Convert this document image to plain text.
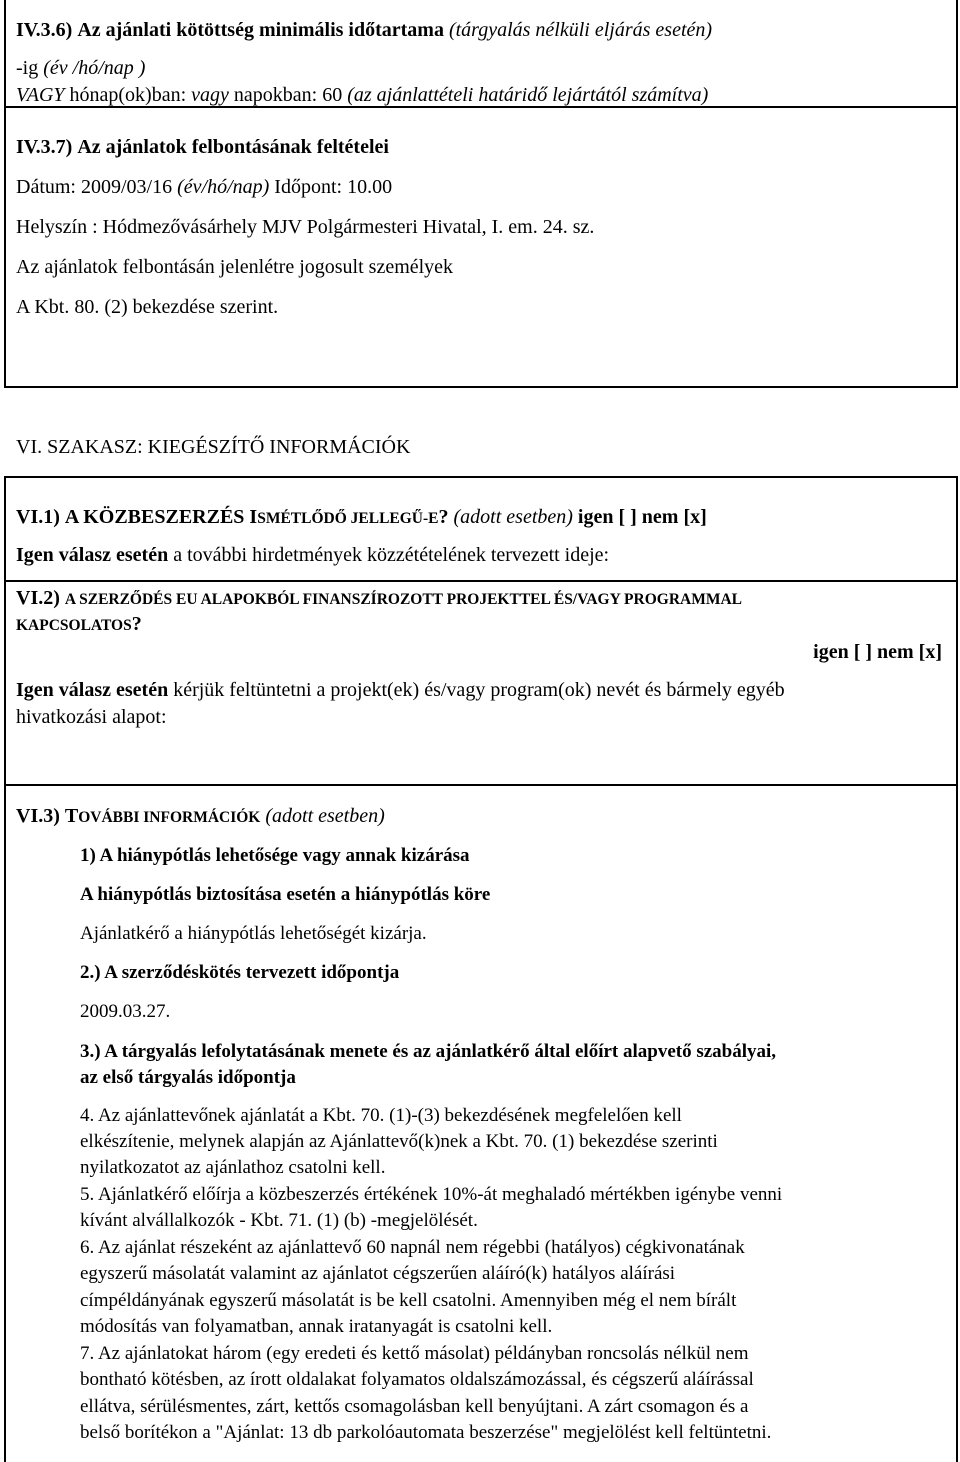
IV.3.6) Az ajánlati kötöttség minimális időtartama (tárgyalás nélküli eljárás esetén)
-ig (év /hó/nap )
VAGY hónap(ok)ban: vagy napokban: 60 (az ajánlattételi határidő lejártától számítva)
IV.3.7) Az ajánlatok felbontásának feltételei
Dátum: 2009/03/16 (év/hó/nap) Időpont: 10.00
Helyszín : Hódmezővásárhely MJV Polgármesteri Hivatal, I. em. 24. sz.
Az ajánlatok felbontásán jelenlétre jogosult személyek
A Kbt. 80. (2) bekezdése szerint.
VI. SZAKASZ: KIEGÉSZÍTŐ INFORMÁCIÓK
VI.1) A KÖZBESZERZÉS ISMÉTLŐDŐ JELLEGŰ-E? (adott esetben) igen [ ] nem [x]
Igen válasz esetén a további hirdetmények közzétételének tervezett ideje:
VI.2) A SZERZŐDÉS EU ALAPOKBÓL FINANSZÍROZOTT PROJEKTTEL ÉS/VAGY PROGRAMMAL
KAPCSOLATOS?
igen [ ] nem [x]
Igen válasz esetén kérjük feltüntetni a projekt(ek) és/vagy program(ok) nevét és bármely egyéb
hivatkozási alapot:
VI.3) TOVÁBBI INFORMÁCIÓK (adott esetben)
1) A hiánypótlás lehetősége vagy annak kizárása
A hiánypótlás biztosítása esetén a hiánypótlás köre
Ajánlatkérő a hiánypótlás lehetőségét kizárja.
2.) A szerződéskötés tervezett időpontja
2009.03.27.
3.) A tárgyalás lefolytatásának menete és az ajánlatkérő által előírt alapvető szabályai,
az első tárgyalás időpontja
4. Az ajánlattevőnek ajánlatát a Kbt. 70. (1)-(3) bekezdésének megfelelően kell
elkészítenie, melynek alapján az Ajánlattevő(k)nek a Kbt. 70. (1) bekezdése szerinti
nyilatkozatot az ajánlathoz csatolni kell.
5. Ajánlatkérő előírja a közbeszerzés értékének 10%-át meghaladó mértékben igénybe venni
kívánt alvállalkozók - Kbt. 71. (1) (b) -megjelölését.
6. Az ajánlat részeként az ajánlattevő 60 napnál nem régebbi (hatályos) cégkivonatának
egyszerű másolatát valamint az ajánlatot cégszerűen aláíró(k) hatályos aláírási
címpéldányának egyszerű másolatát is be kell csatolni. Amennyiben még el nem bírált
módosítás van folyamatban, annak iratanyagát is csatolni kell.
7. Az ajánlatokat három (egy eredeti és kettő másolat) példányban roncsolás nélkül nem
bontható kötésben, az írott oldalakat folyamatos oldalszámozással, és cégszerű aláírással
ellátva, sérülésmentes, zárt, kettős csomagolásban kell benyújtani. A zárt csomagon és a
belső borítékon a "Ajánlat: 13 db parkolóautomata beszerzése" megjelölést kell feltüntetni.
